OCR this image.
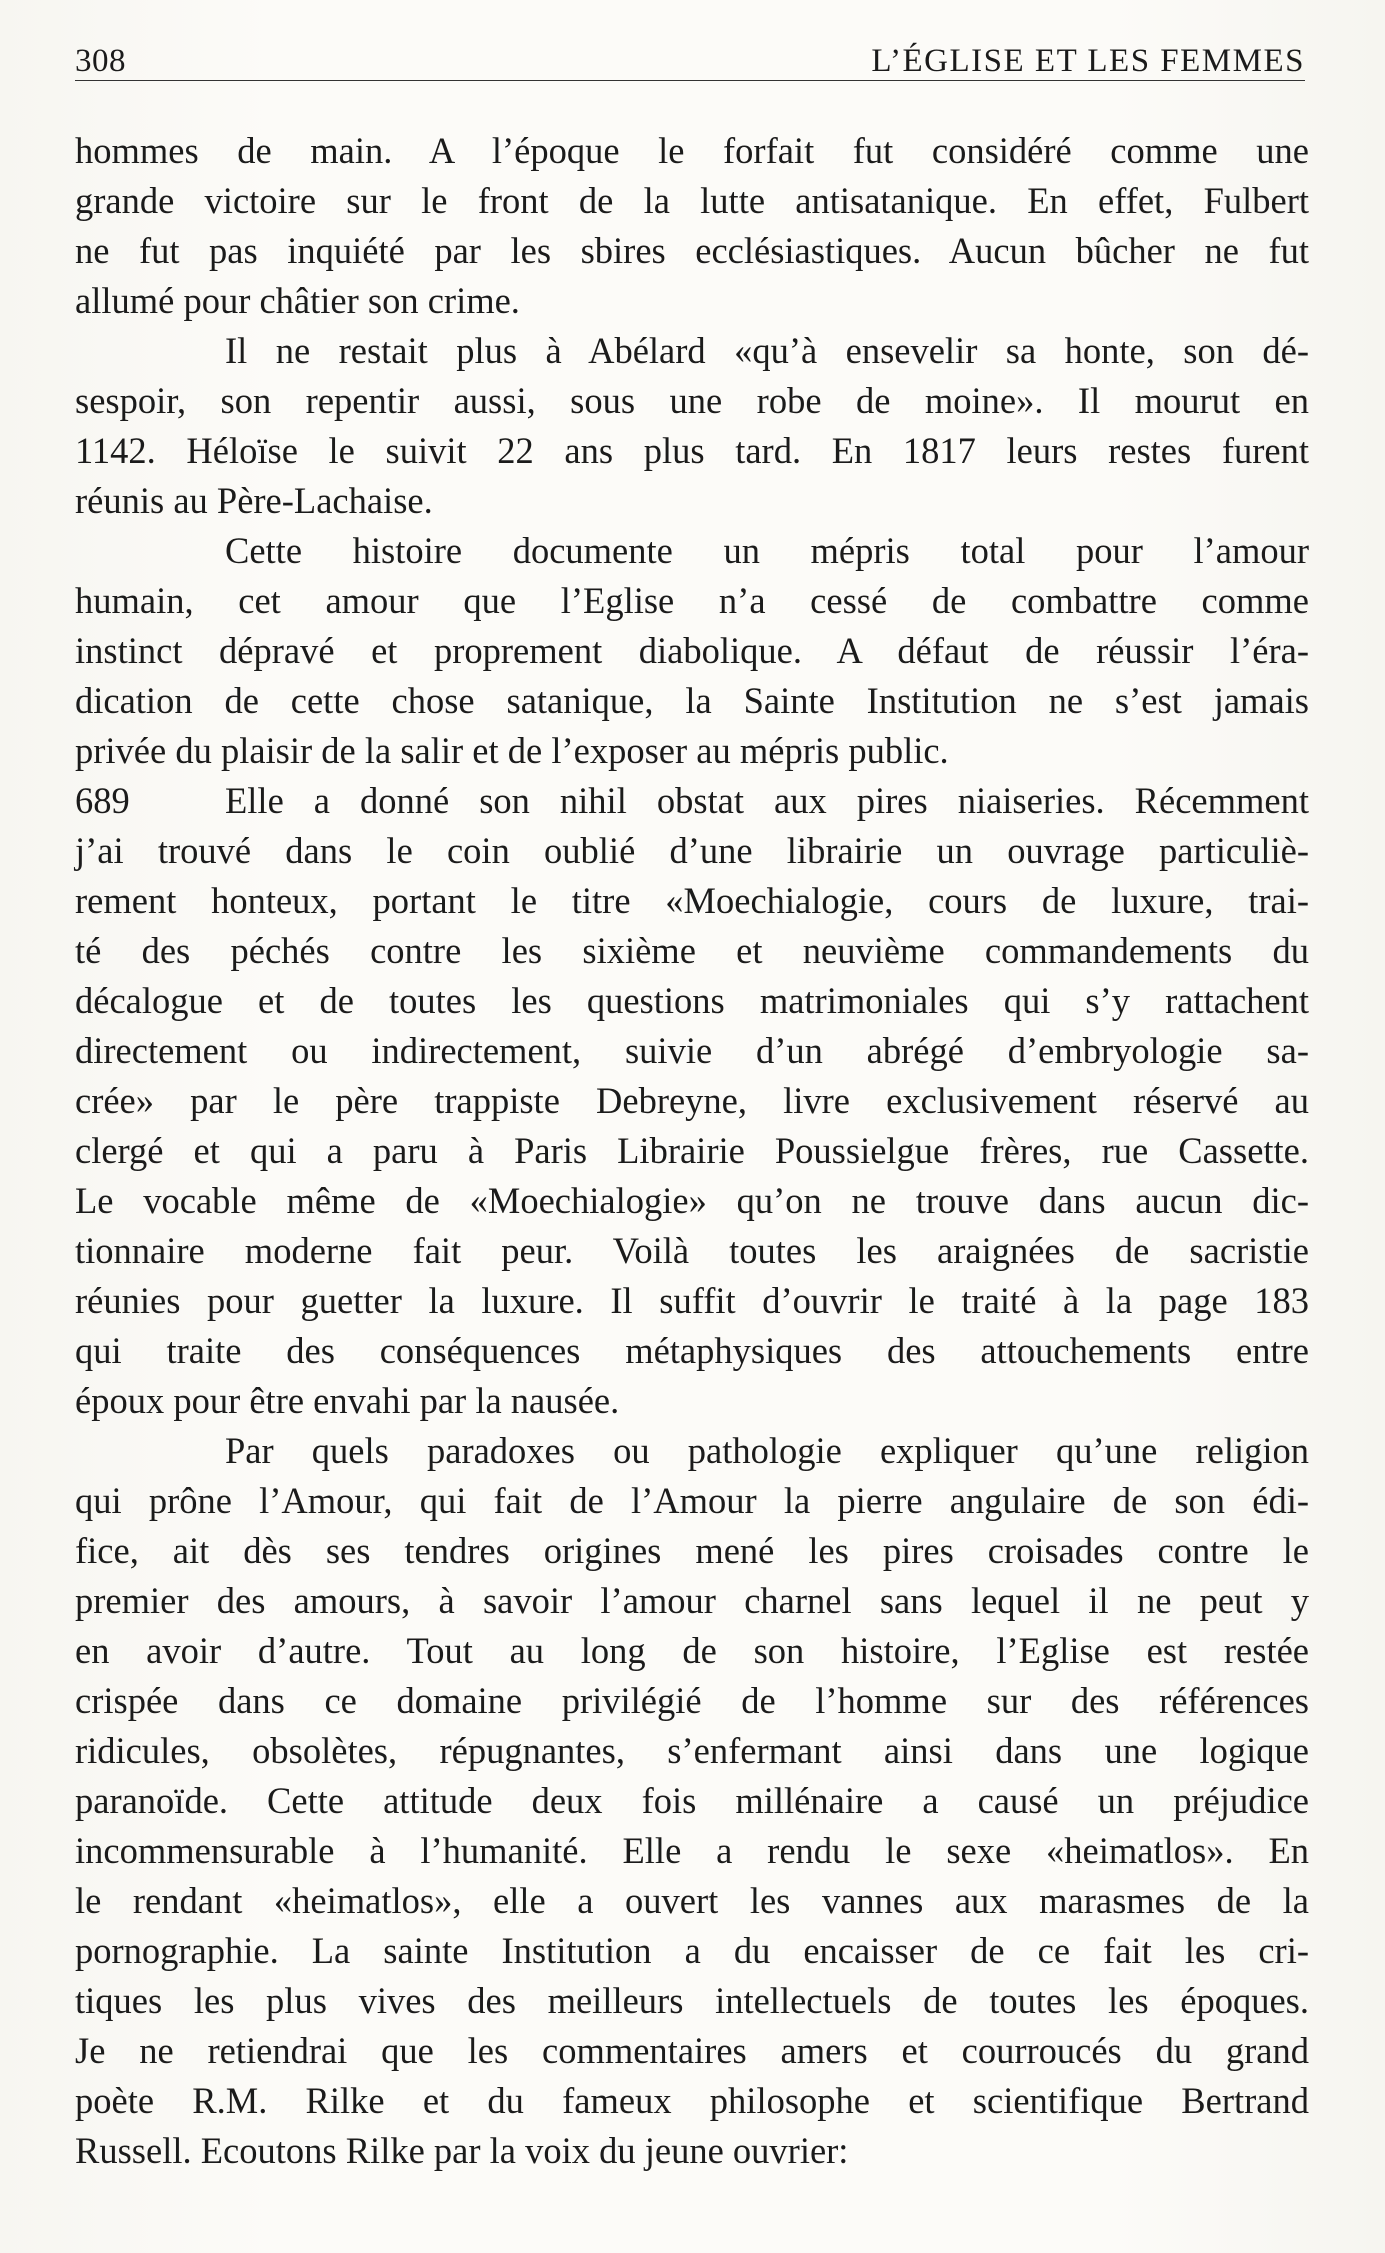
308	L’ÉGLISE ET LES FEMMES
hommes de main. A l’époque le forfait fut considéré comme une
grande victoire sur le front de la lutte antisatanique. En effet, Fulbert
ne fut pas inquiété par les sbires ecclésiastiques. Aucun bûcher ne fut
allumé pour châtier son crime.
Il ne restait plus à Abélard «qu’à ensevelir sa honte, son dé-
sespoir, son repentir aussi, sous une robe de moine». Il mourut en
1142. Héloïse le suivit 22 ans plus tard. En 1817 leurs restes furent
réunis au Père-Lachaise.
Cette histoire documente un mépris total pour l’amour
humain, cet amour que l’Eglise n’a cessé de combattre comme
instinct dépravé et proprement diabolique. A défaut de réussir l’éra-
dication de cette chose satanique, la Sainte Institution ne s’est jamais
privée du plaisir de la salir et de l’exposer au mépris public.
689	Elle a donné son nihil obstat aux pires niaiseries. Récemment
j’ai trouvé dans le coin oublié d’une librairie un ouvrage particuliè-
rement honteux, portant le titre «Moechialogie, cours de luxure, trai-
té des péchés contre les sixième et neuvième commandements du
décalogue et de toutes les questions matrimoniales qui s’y rattachent
directement ou indirectement, suivie d’un abrégé d’embryologie sa-
crée» par le père trappiste Debreyne, livre exclusivement réservé au
clergé et qui a paru à Paris Librairie Poussielgue frères, rue Cassette.
Le vocable même de «Moechialogie» qu’on ne trouve dans aucun dic-
tionnaire moderne fait peur. Voilà toutes les araignées de sacristie
réunies pour guetter la luxure. Il suffit d’ouvrir le traité à la page 183
qui traite des conséquences métaphysiques des attouchements entre
époux pour être envahi par la nausée.
Par quels paradoxes ou pathologie expliquer qu’une religion
qui prône l’Amour, qui fait de l’Amour la pierre angulaire de son édi-
fice, ait dès ses tendres origines mené les pires croisades contre le
premier des amours, à savoir l’amour charnel sans lequel il ne peut y
en avoir d’autre. Tout au long de son histoire, l’Eglise est restée
crispée dans ce domaine privilégié de l’homme sur des références
ridicules, obsolètes, répugnantes, s’enfermant ainsi dans une logique
paranoïde. Cette attitude deux fois millénaire a causé un préjudice
incommensurable à l’humanité. Elle a rendu le sexe «heimatlos». En
le rendant «heimatlos», elle a ouvert les vannes aux marasmes de la
pornographie. La sainte Institution a du encaisser de ce fait les cri-
tiques les plus vives des meilleurs intellectuels de toutes les époques.
Je ne retiendrai que les commentaires amers et courroucés du grand
poète R.M. Rilke et du fameux philosophe et scientifique Bertrand
Russell. Ecoutons Rilke par la voix du jeune ouvrier:
